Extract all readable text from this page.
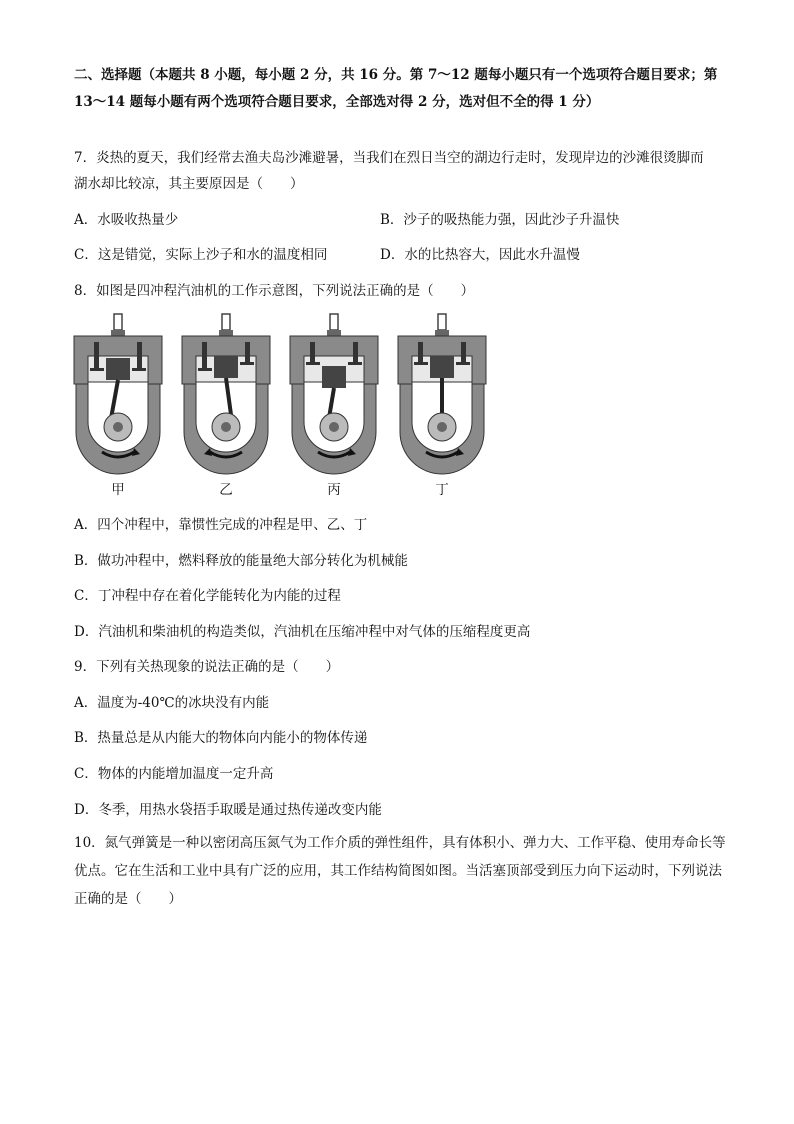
二、选择题（本题共 8 小题，每小题 2 分，共 16 分。第 7～12 题每小题只有一个选项符合题目要求；第 13～14 题每小题有两个选项符合题目要求，全部选对得 2 分，选对但不全的得 1 分）
7．炎热的夏天，我们经常去渔夫岛沙滩避暑，当我们在烈日当空的湖边行走时，发现岸边的沙滩很烫脚而
湖水却比较凉，其主要原因是（　　）
A．水吸收热量少	B．沙子的吸热能力强，因此沙子升温快
C．这是错觉，实际上沙子和水的温度相同	D．水的比热容大，因此水升温慢
8．如图是四冲程汽油机的工作示意图，下列说法正确的是（　　）
甲	乙	丙	丁
A．四个冲程中，靠惯性完成的冲程是甲、乙、丁
B．做功冲程中，燃料释放的能量绝大部分转化为机械能
C．丁冲程中存在着化学能转化为内能的过程
D．汽油机和柴油机的构造类似，汽油机在压缩冲程中对气体的压缩程度更高
9．下列有关热现象的说法正确的是（　　）
A．温度为-40℃的冰块没有内能
B．热量总是从内能大的物体向内能小的物体传递
C．物体的内能增加温度一定升高
D．冬季，用热水袋捂手取暖是通过热传递改变内能
10．氮气弹簧是一种以密闭高压氮气为工作介质的弹性组件，具有体积小、弹力大、工作平稳、使用寿命长等优点。它在生活和工业中具有广泛的应用，其工作结构简图如图。当活塞顶部受到压力向下运动时，下列说法正确的是（　　）
